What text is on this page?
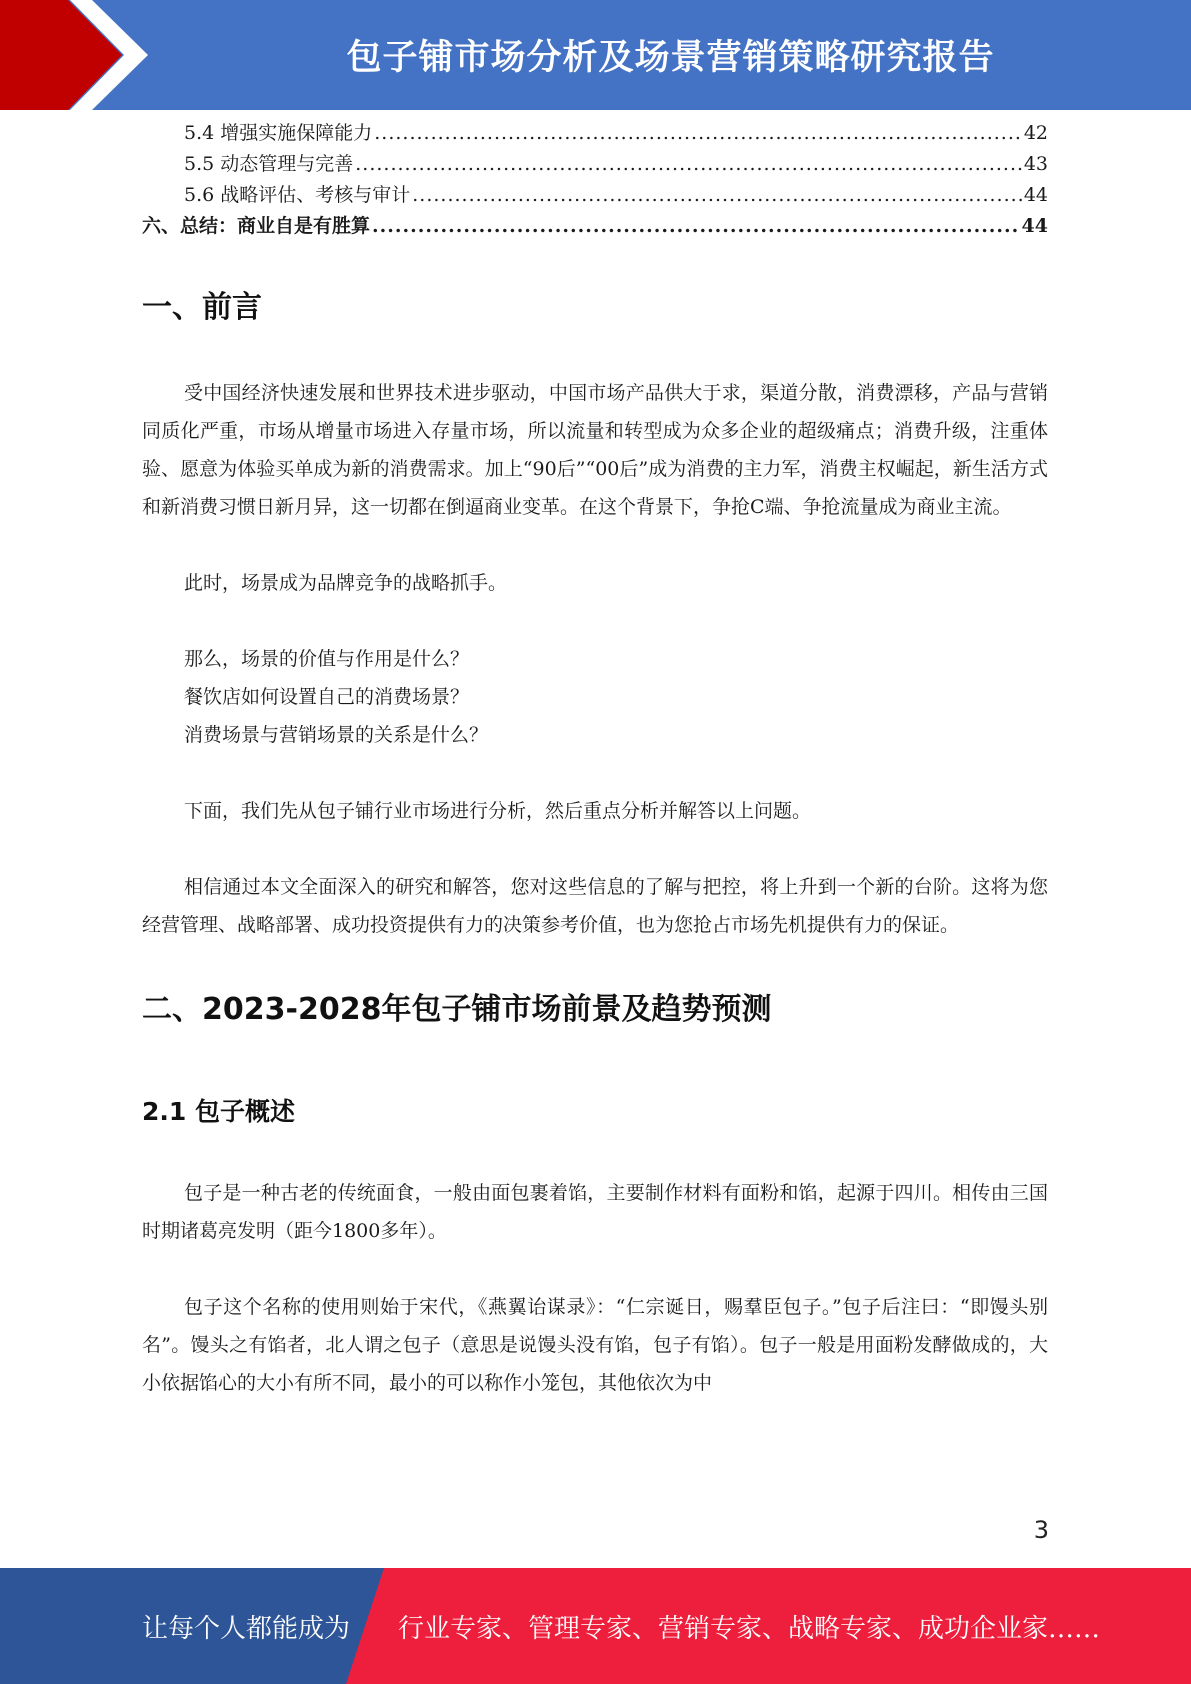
包子铺市场分析及场景营销策略研究报告
5.4 增强实施保障能力 .....	42
5.5 动态管理与完善 .....	43
5.6 战略评估、考核与审计 .....	44
六、总结：商业自是有胜算 .....	44
一、前言

受中国经济快速发展和世界技术进步驱动，中国市场产品供大于求，渠道分散，消费漂移，产品与营销同质化严重，市场从增量市场进入存量市场，所以流量和转型成为众多企业的超级痛点；消费升级，注重体验、愿意为体验买单成为新的消费需求。加上“90后”“00后”成为消费的主力军，消费主权崛起，新生活方式和新消费习惯日新月异，这一切都在倒逼商业变革。在这个背景下，争抢C端、争抢流量成为商业主流。

此时，场景成为品牌竞争的战略抓手。

那么，场景的价值与作用是什么？

餐饮店如何设置自己的消费场景？

消费场景与营销场景的关系是什么？

下面，我们先从包子铺行业市场进行分析，然后重点分析并解答以上问题。

相信通过本文全面深入的研究和解答，您对这些信息的了解与把控，将上升到一个新的台阶。这将为您经营管理、战略部署、成功投资提供有力的决策参考价值，也为您抢占市场先机提供有力的保证。

二、2023-2028年包子铺市场前景及趋势预测
2.1 包子概述

包子是一种古老的传统面食，一般由面包裹着馅，主要制作材料有面粉和馅，起源于四川。相传由三国时期诸葛亮发明（距今1800多年）。

包子这个名称的使用则始于宋代，《燕翼诒谋录》：“仁宗诞日，赐羣臣包子。”包子后注曰：“即馒头别名”。馒头之有馅者，北人谓之包子（意思是说馒头没有馅，包子有馅）。包子一般是用面粉发酵做成的，大小依据馅心的大小有所不同，最小的可以称作小笼包，其他依次为中

3
让每个人都能成为 行业专家、管理专家、营销专家、战略专家、成功企业家……
